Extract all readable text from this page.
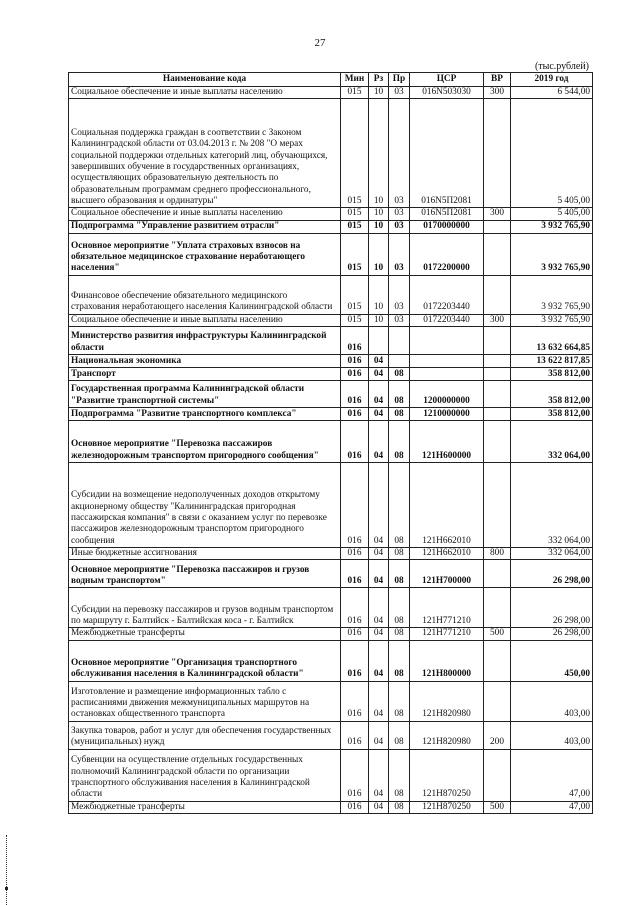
27
(тыс.рублей)
Наименование кода	Мин	Рз	Пр	ЦСР	ВР	2019 год
Социальное обеспечение и иные выплаты населению	015	10	03	016N503030	300	6 544,00
Социальная поддержка граждан в соответствии с Законом Калининградской области от 03.04.2013 г. № 208 "О мерах социальной поддержки отдельных категорий лиц, обучающихся, завершивших обучение в государственных организациях, осуществляющих образовательную деятельность по образовательным программам среднего профессионального, высшего образования и ординатуры"	015	10	03	016N5П2081		5 405,00
Социальное обеспечение и иные выплаты населению	015	10	03	016N5П2081	300	5 405,00
Подпрограмма "Управление развитием отрасли"	015	10	03	0170000000		3 932 765,90
Основное мероприятие "Уплата страховых взносов на обязательное медицинское страхование неработающего населения"	015	10	03	0172200000		3 932 765,90
Финансовое обеспечение обязательного медицинского страхования неработающего населения Калининградской области	015	10	03	0172203440		3 932 765,90
Социальное обеспечение и иные выплаты населению	015	10	03	0172203440	300	3 932 765,90
Министерство развития инфраструктуры Калининградской области	016					13 632 664,85
Национальная экономика	016	04				13 622 817,85
Транспорт	016	04	08			358 812,00
Государственная программа Калининградской области "Развитие транспортной системы"	016	04	08	1200000000		358 812,00
Подпрограмма "Развитие транспортного комплекса"	016	04	08	1210000000		358 812,00
Основное мероприятие "Перевозка пассажиров железнодорожным транспортом пригородного сообщения"	016	04	08	121Н600000		332 064,00
Субсидии на возмещение недополученных доходов открытому акционерному обществу "Калининградская пригородная пассажирская компания" в связи с оказанием услуг по перевозке пассажиров железнодорожным транспортом пригородного сообщения	016	04	08	121Н662010		332 064,00
Иные бюджетные ассигнования	016	04	08	121Н662010	800	332 064,00
Основное мероприятие "Перевозка пассажиров и грузов водным транспортом"	016	04	08	121Н700000		26 298,00
Субсидии на перевозку пассажиров и грузов водным транспортом по маршруту г. Балтийск - Балтийская коса - г. Балтийск	016	04	08	121Н771210		26 298,00
Межбюджетные трансферты	016	04	08	121Н771210	500	26 298,00
Основное мероприятие "Организация транспортного обслуживания населения в Калининградской области"	016	04	08	121Н800000		450,00
Изготовление и размещение информационных табло с расписаниями движения межмуниципальных маршрутов на остановках общественного транспорта	016	04	08	121Н820980		403,00
Закупка товаров, работ и услуг для обеспечения государственных (муниципальных) нужд	016	04	08	121Н820980	200	403,00
Субвенции на осуществление отдельных государственных полномочий Калининградской области по организации транспортного обслуживания населения в Калининградской области	016	04	08	121Н870250		47,00
Межбюджетные трансферты	016	04	08	121Н870250	500	47,00
